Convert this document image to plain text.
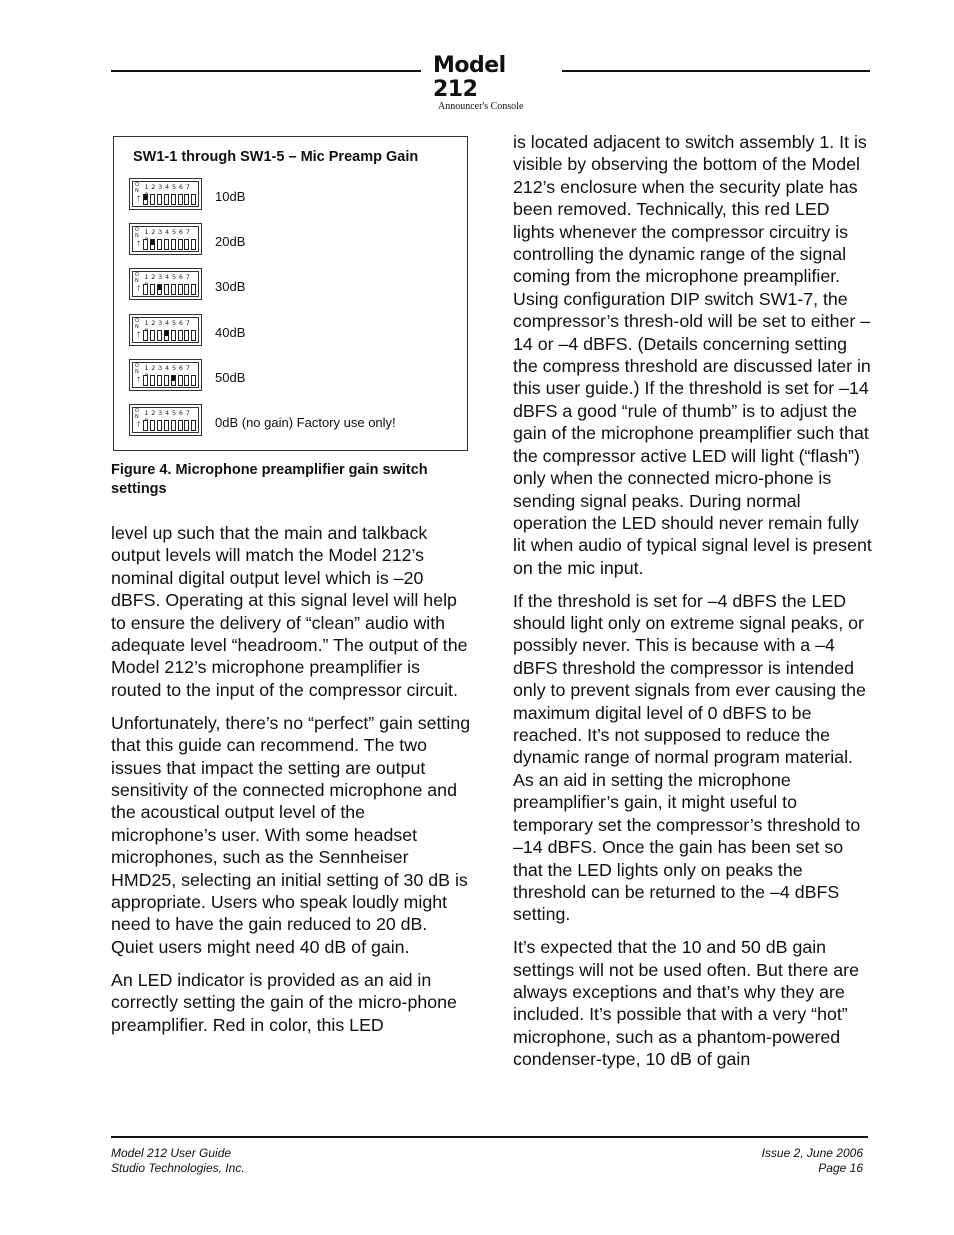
Model 212
Announcer's Console
SW1-1 through SW1-5 – Mic Preamp Gain
O
N 1 2 3 4 5 6 7
↑	10dB
O
N 1 2 3 4 5 6 7
↑	20dB
O
N 1 2 3 4 5 6 7
↑	30dB
O
N 1 2 3 4 5 6 7
↑	40dB
O
N 1 2 3 4 5 6 7
↑	50dB
O
N 1 2 3 4 5 6 7
↑	0dB (no gain) Factory use only!
Figure 4. Microphone preamplifier gain switch settings

level up such that the main and talkback output levels will match the Model 212’s nominal digital output level which is –20 dBFS. Operating at this signal level will help to ensure the delivery of “clean” audio with adequate level “headroom.” The output of the Model 212’s microphone preamplifier is routed to the input of the compressor circuit.

Unfortunately, there’s no “perfect” gain setting that this guide can recommend. The two issues that impact the setting are output sensitivity of the connected microphone and the acoustical output level of the microphone’s user. With some headset microphones, such as the Sennheiser HMD25, selecting an initial setting of 30 dB is appropriate. Users who speak loudly might need to have the gain reduced to 20 dB. Quiet users might need 40 dB of gain.

An LED indicator is provided as an aid in correctly setting the gain of the micro-phone preamplifier. Red in color, this LED

is located adjacent to switch assembly 1. It is visible by observing the bottom of the Model 212’s enclosure when the security plate has been removed. Technically, this red LED lights whenever the compressor circuitry is controlling the dynamic range of the signal coming from the microphone preamplifier. Using configuration DIP switch SW1-7, the compressor’s thresh-old will be set to either –14 or –4 dBFS. (Details concerning setting the compress threshold are discussed later in this user guide.) If the threshold is set for –14 dBFS a good “rule of thumb” is to adjust the gain of the microphone preamplifier such that the compressor active LED will light (“flash”) only when the connected micro-phone is sending signal peaks. During normal operation the LED should never remain fully lit when audio of typical signal level is present on the mic input.

If the threshold is set for –4 dBFS the LED should light only on extreme signal peaks, or possibly never. This is because with a –4 dBFS threshold the compressor is intended only to prevent signals from ever causing the maximum digital level of 0 dBFS to be reached. It’s not supposed to reduce the dynamic range of normal program material. As an aid in setting the microphone preamplifier’s gain, it might useful to temporary set the compressor’s threshold to –14 dBFS. Once the gain has been set so that the LED lights only on peaks the threshold can be returned to the –4 dBFS setting.

It’s expected that the 10 and 50 dB gain settings will not be used often. But there are always exceptions and that’s why they are included. It’s possible that with a very “hot” microphone, such as a phantom-powered condenser-type, 10 dB of gain

Model 212 User Guide
Studio Technologies, Inc.
Issue 2, June 2006
Page 16
